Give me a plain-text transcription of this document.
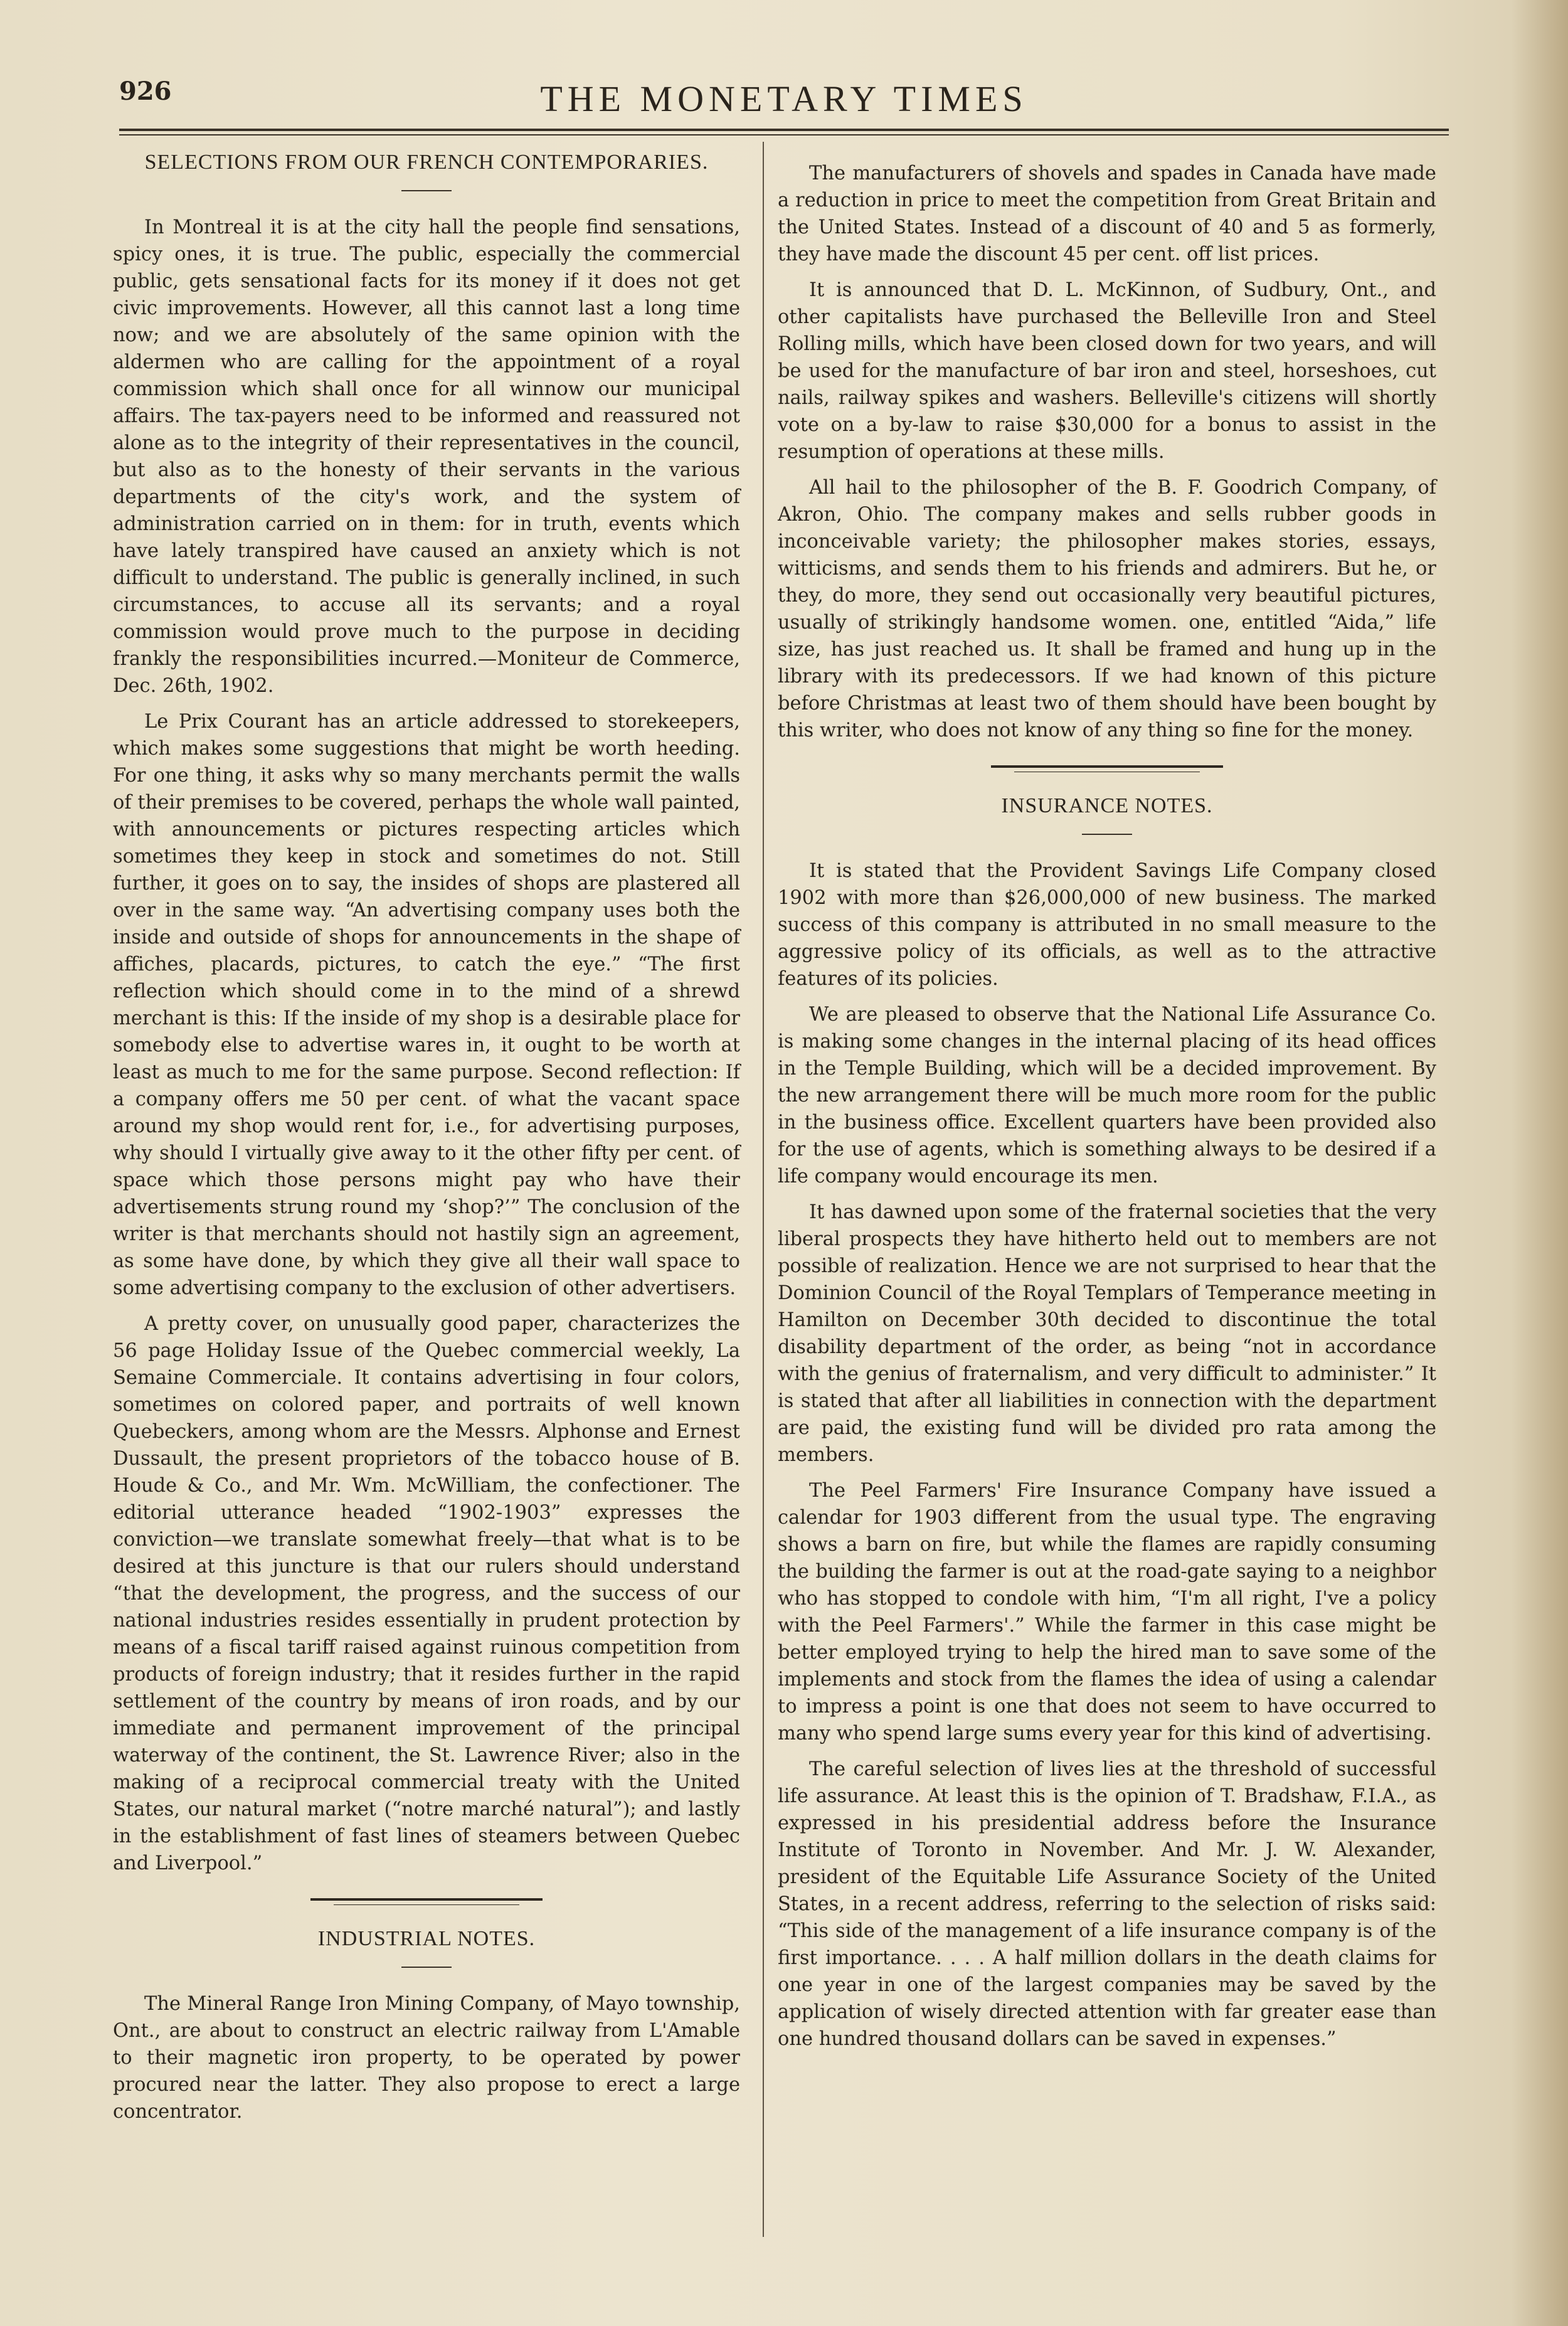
926	THE MONETARY TIMES
SELECTIONS FROM OUR FRENCH CONTEMPORARIES.

In Montreal it is at the city hall the people find sensations, spicy ones, it is true. The public, especially the commercial public, gets sensational facts for its money if it does not get civic improvements. However, all this cannot last a long time now; and we are absolutely of the same opinion with the aldermen who are calling for the appointment of a royal commission which shall once for all winnow our municipal affairs. The tax-payers need to be informed and reassured not alone as to the integrity of their representatives in the council, but also as to the honesty of their servants in the various departments of the city's work, and the system of administration carried on in them: for in truth, events which have lately transpired have caused an anxiety which is not difficult to understand. The public is generally inclined, in such circumstances, to accuse all its servants; and a royal commission would prove much to the purpose in deciding frankly the responsibilities incurred.—Moniteur de Commerce, Dec. 26th, 1902.

Le Prix Courant has an article addressed to storekeepers, which makes some suggestions that might be worth heeding. For one thing, it asks why so many merchants permit the walls of their premises to be covered, perhaps the whole wall painted, with announcements or pictures respecting articles which sometimes they keep in stock and sometimes do not. Still further, it goes on to say, the insides of shops are plastered all over in the same way. “An advertising company uses both the inside and outside of shops for announcements in the shape of affiches, placards, pictures, to catch the eye.” “The first reflection which should come in to the mind of a shrewd merchant is this: If the inside of my shop is a desirable place for somebody else to advertise wares in, it ought to be worth at least as much to me for the same purpose. Second reflection: If a company offers me 50 per cent. of what the vacant space around my shop would rent for, i.e., for advertising purposes, why should I virtually give away to it the other fifty per cent. of space which those persons might pay who have their advertisements strung round my ‘shop?’” The conclusion of the writer is that merchants should not hastily sign an agreement, as some have done, by which they give all their wall space to some advertising company to the exclusion of other advertisers.

A pretty cover, on unusually good paper, characterizes the 56 page Holiday Issue of the Quebec commercial weekly, La Semaine Commerciale. It contains advertising in four colors, sometimes on colored paper, and portraits of well known Quebeckers, among whom are the Messrs. Alphonse and Ernest Dussault, the present proprietors of the tobacco house of B. Houde & Co., and Mr. Wm. McWilliam, the confectioner. The editorial utterance headed “1902-1903” expresses the conviction—we translate somewhat freely—that what is to be desired at this juncture is that our rulers should understand “that the development, the progress, and the success of our national industries resides essentially in prudent protection by means of a fiscal tariff raised against ruinous competition from products of foreign industry; that it resides further in the rapid settlement of the country by means of iron roads, and by our immediate and permanent improvement of the principal waterway of the continent, the St. Lawrence River; also in the making of a reciprocal commercial treaty with the United States, our natural market (“notre marché natural”); and lastly in the establishment of fast lines of steamers between Quebec and Liverpool.”

INDUSTRIAL NOTES.

The Mineral Range Iron Mining Company, of Mayo township, Ont., are about to construct an electric railway from L'Amable to their magnetic iron property, to be operated by power procured near the latter. They also propose to erect a large concentrator.

The manufacturers of shovels and spades in Canada have made a reduction in price to meet the competition from Great Britain and the United States. Instead of a discount of 40 and 5 as formerly, they have made the discount 45 per cent. off list prices.

It is announced that D. L. McKinnon, of Sudbury, Ont., and other capitalists have purchased the Belleville Iron and Steel Rolling mills, which have been closed down for two years, and will be used for the manufacture of bar iron and steel, horseshoes, cut nails, railway spikes and washers. Belleville's citizens will shortly vote on a by-law to raise $30,000 for a bonus to assist in the resumption of operations at these mills.

All hail to the philosopher of the B. F. Goodrich Company, of Akron, Ohio. The company makes and sells rubber goods in inconceivable variety; the philosopher makes stories, essays, witticisms, and sends them to his friends and admirers. But he, or they, do more, they send out occasionally very beautiful pictures, usually of strikingly handsome women. one, entitled “Aida,” life size, has just reached us. It shall be framed and hung up in the library with its predecessors. If we had known of this picture before Christmas at least two of them should have been bought by this writer, who does not know of any thing so fine for the money.

INSURANCE NOTES.

It is stated that the Provident Savings Life Company closed 1902 with more than $26,000,000 of new business. The marked success of this company is attributed in no small measure to the aggressive policy of its officials, as well as to the attractive features of its policies.

We are pleased to observe that the National Life Assurance Co. is making some changes in the internal placing of its head offices in the Temple Building, which will be a decided improvement. By the new arrangement there will be much more room for the public in the business office. Excellent quarters have been provided also for the use of agents, which is something always to be desired if a life company would encourage its men.

It has dawned upon some of the fraternal societies that the very liberal prospects they have hitherto held out to members are not possible of realization. Hence we are not surprised to hear that the Dominion Council of the Royal Templars of Temperance meeting in Hamilton on December 30th decided to discontinue the total disability department of the order, as being “not in accordance with the genius of fraternalism, and very difficult to administer.” It is stated that after all liabilities in connection with the department are paid, the existing fund will be divided pro rata among the members.

The Peel Farmers' Fire Insurance Company have issued a calendar for 1903 different from the usual type. The engraving shows a barn on fire, but while the flames are rapidly consuming the building the farmer is out at the road-gate saying to a neighbor who has stopped to condole with him, “I'm all right, I've a policy with the Peel Farmers'.” While the farmer in this case might be better employed trying to help the hired man to save some of the implements and stock from the flames the idea of using a calendar to impress a point is one that does not seem to have occurred to many who spend large sums every year for this kind of advertising.

The careful selection of lives lies at the threshold of successful life assurance. At least this is the opinion of T. Bradshaw, F.I.A., as expressed in his presidential address before the Insurance Institute of Toronto in November. And Mr. J. W. Alexander, president of the Equitable Life Assurance Society of the United States, in a recent address, referring to the selection of risks said: “This side of the management of a life insurance company is of the first importance. . . . A half million dollars in the death claims for one year in one of the largest companies may be saved by the application of wisely directed attention with far greater ease than one hundred thousand dollars can be saved in expenses.”
